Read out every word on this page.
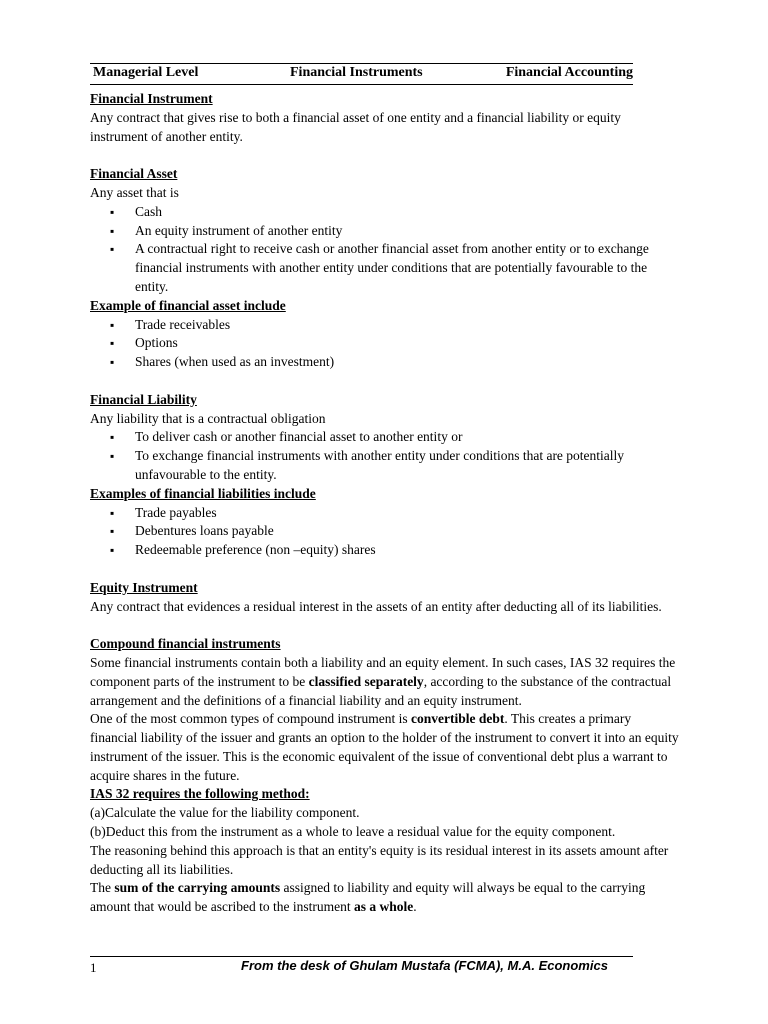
Managerial Level	Financial Instruments	Financial Accounting

Financial Instrument

Any contract that gives rise to both a financial asset of one entity and a financial liability or equity instrument of another entity.

Financial Asset

Any asset that is

▪ Cash
▪ An equity instrument of another entity
▪ A contractual right to receive cash or another financial asset from another entity or to exchange financial instruments with another entity under conditions that are potentially favourable to the entity.

Example of financial asset include

▪ Trade receivables
▪ Options
▪ Shares (when used as an investment)

Financial Liability

Any liability that is a contractual obligation

▪ To deliver cash or another financial asset to another entity or
▪ To exchange financial instruments with another entity under conditions that are potentially unfavourable to the entity.

Examples of financial liabilities include

▪ Trade payables
▪ Debentures loans payable
▪ Redeemable preference (non –equity) shares

Equity Instrument

Any contract that evidences a residual interest in the assets of an entity after deducting all of its liabilities.

Compound financial instruments

Some financial instruments contain both a liability and an equity element. In such cases, IAS 32 requires the component parts of the instrument to be classified separately, according to the substance of the contractual arrangement and the definitions of a financial liability and an equity instrument.

One of the most common types of compound instrument is convertible debt. This creates a primary financial liability of the issuer and grants an option to the holder of the instrument to convert it into an equity instrument of the issuer. This is the economic equivalent of the issue of conventional debt plus a warrant to acquire shares in the future.

IAS 32 requires the following method:

(a)Calculate the value for the liability component.

(b)Deduct this from the instrument as a whole to leave a residual value for the equity component.

The reasoning behind this approach is that an entity's equity is its residual interest in its assets amount after deducting all its liabilities.

The sum of the carrying amounts assigned to liability and equity will always be equal to the carrying amount that would be ascribed to the instrument as a whole.

1	From the desk of Ghulam Mustafa (FCMA), M.A. Economics
